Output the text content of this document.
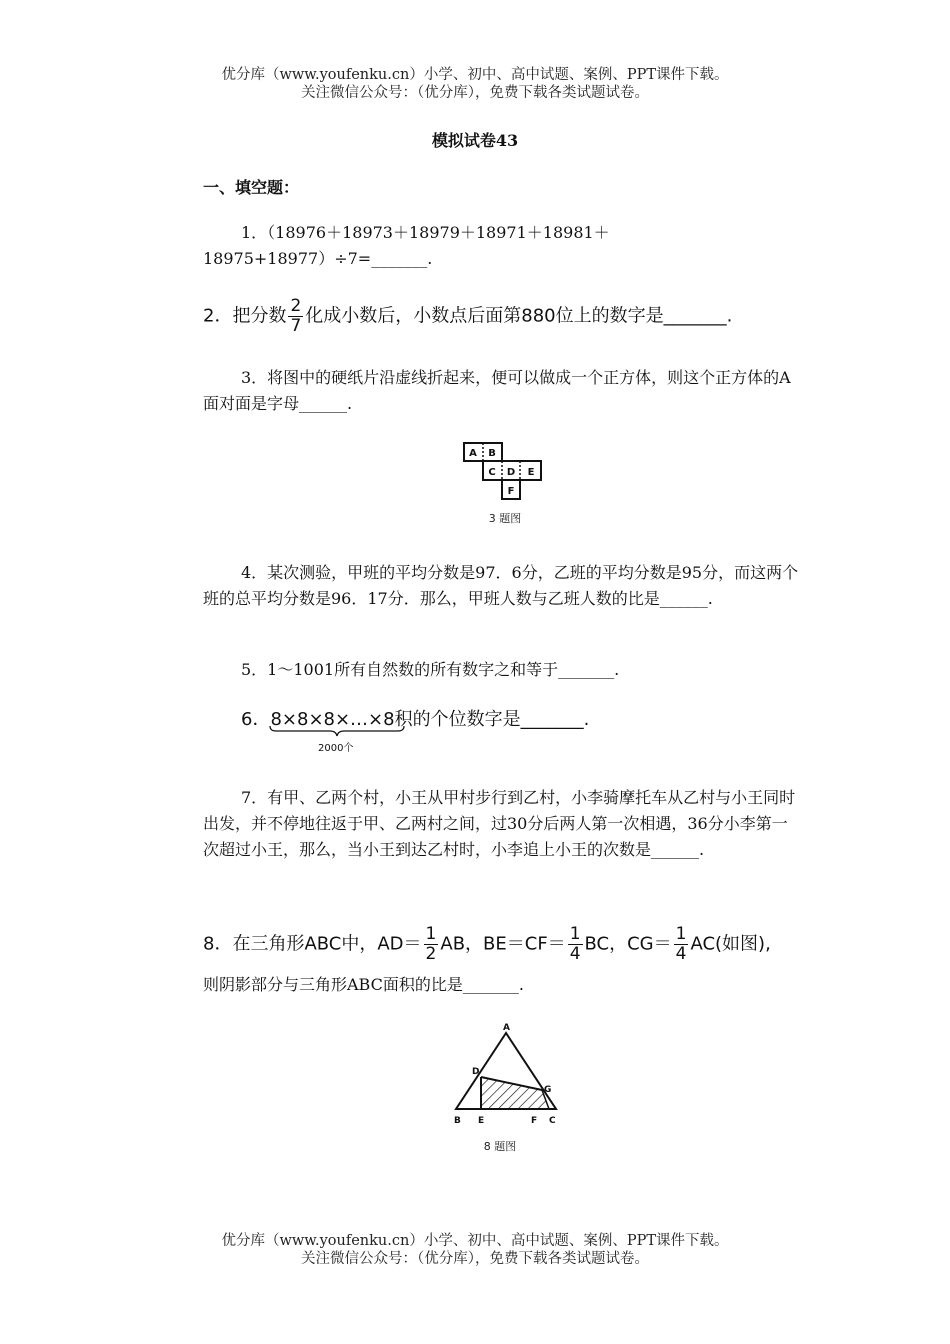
优分库（www.youfenku.cn）小学、初中、高中试题、案例、PPT课件下载。
关注微信公众号：（优分库），免费下载各类试题试卷。
模拟试卷43
一、填空题：
1．（18976＋18973＋18979＋18971＋18981＋
18975+18977）÷7=_______.
2．把分数 $\frac{2}{7}$ 化成小数后，小数点后面第880位上的数字是_______.
3．将图中的硬纸片沿虚线折起来，便可以做成一个正方体，则这个正方体的A面对面是字母______.
A B
C D E
F
3 题图
4．某次测验，甲班的平均分数是97．6分，乙班的平均分数是95分，而这两个班的总平均分数是96．17分．那么，甲班人数与乙班人数的比是______.
5．1～1001所有自然数的所有数字之和等于_______.
6．8×8×8×…×8积的个位数字是_______.
2000个
7．有甲、乙两个村，小王从甲村步行到乙村，小李骑摩托车从乙村与小王同时出发，并不停地往返于甲、乙两村之间，过30分后两人第一次相遇，36分小李第一次超过小王，那么，当小王到达乙村时，小李追上小王的次数是______.
8．在三角形ABC中，$AD= \frac{1}{2}$ AB，$BE=CF= \frac{1}{4}$ BC，$CG= \frac{1}{4} AC$(如图),
则阴影部分与三角形ABC面积的比是_______.
A
D
G
B E	F C
8 题图
优分库（www.youfenku.cn）小学、初中、高中试题、案例、PPT课件下载。
关注微信公众号：（优分库），免费下载各类试题试卷。
